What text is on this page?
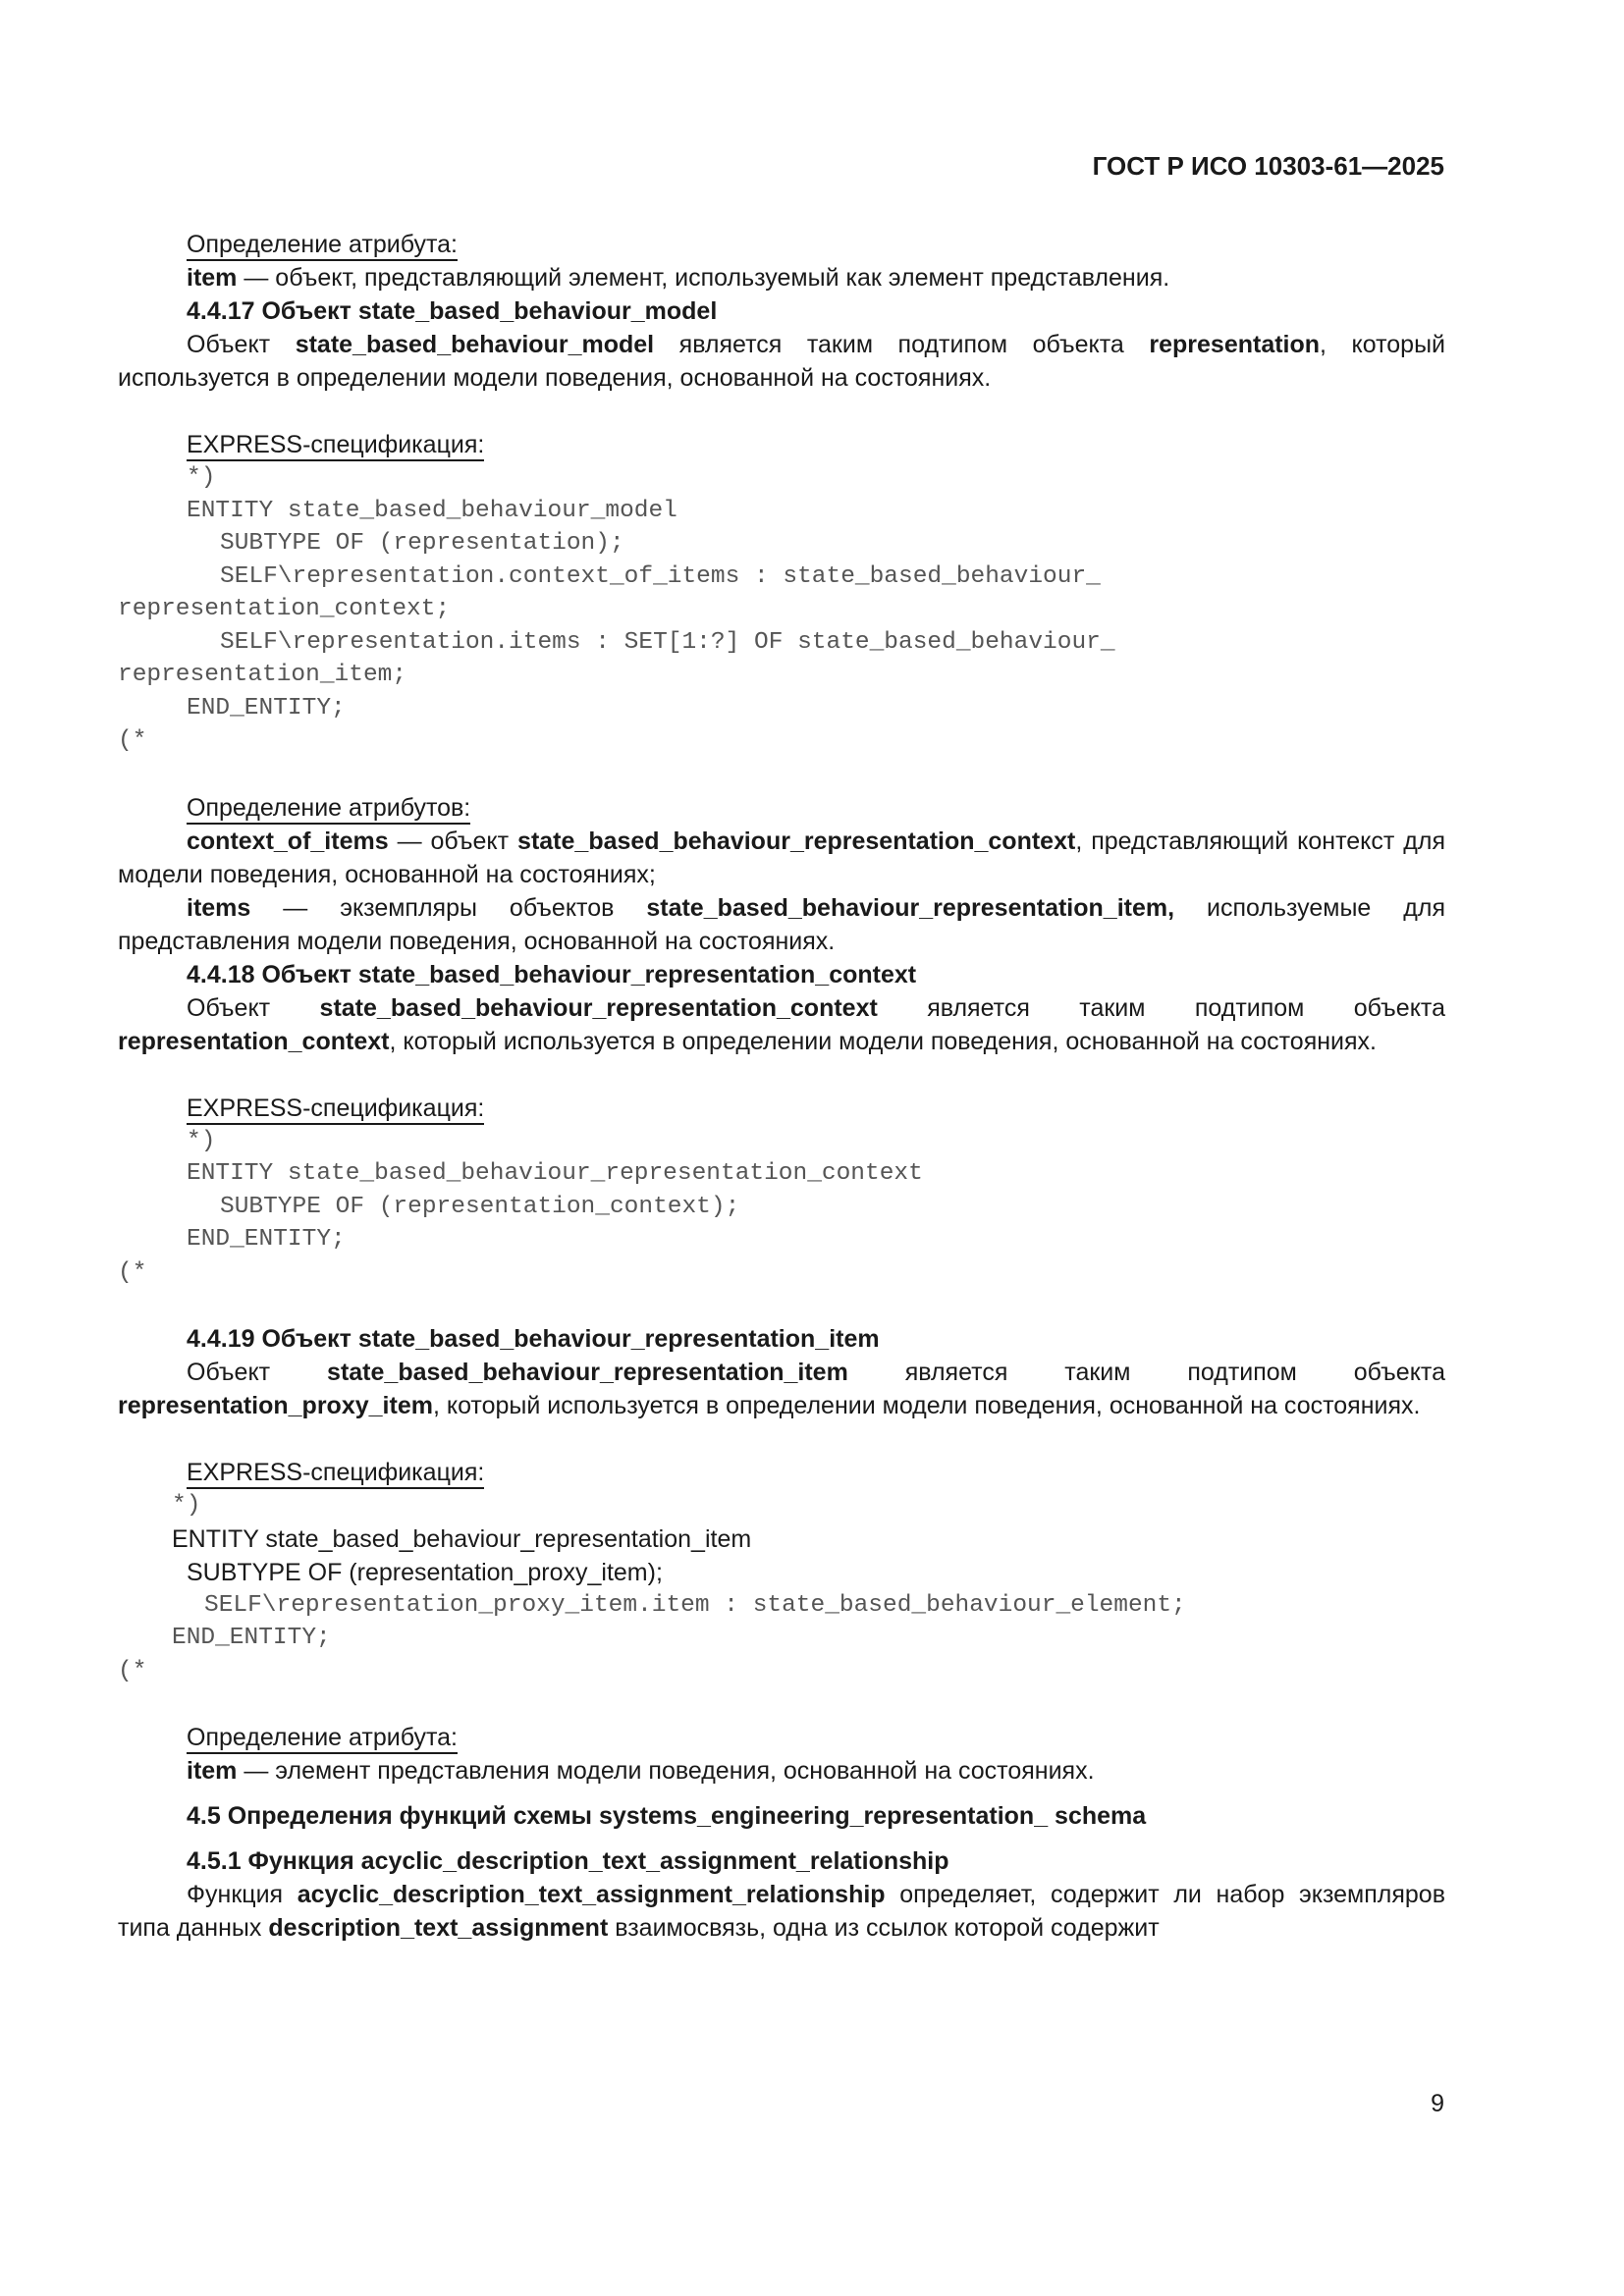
ГОСТ Р ИСО 10303-61—2025
Определение атрибута:

item — объект, представляющий элемент, используемый как элемент представления.

4.4.17 Объект state_based_behaviour_model

Объект state_based_behaviour_model является таким подтипом объекта representation, который используется в определении модели поведения, основанной на состояниях.

EXPRESS-спецификация:
*)
ENTITY state_based_behaviour_model
SUBTYPE OF (representation);
SELF\representation.context_of_items : state_based_behaviour_
representation_context;
SELF\representation.items : SET[1:?] OF state_based_behaviour_
representation_item;
END_ENTITY;
(*
Определение атрибутов:

context_of_items — объект state_based_behaviour_representation_context, представляющий контекст для модели поведения, основанной на состояниях;

items — экземпляры объектов state_based_behaviour_representation_item, используемые для представления модели поведения, основанной на состояниях.

4.4.18 Объект state_based_behaviour_representation_context

Объект state_based_behaviour_representation_context является таким подтипом объекта representation_context, который используется в определении модели поведения, основанной на состояниях.

EXPRESS-спецификация:
*)
ENTITY state_based_behaviour_representation_context
SUBTYPE OF (representation_context);
END_ENTITY;
(*

4.4.19 Объект state_based_behaviour_representation_item

Объект state_based_behaviour_representation_item является таким подтипом объекта representation_proxy_item, который используется в определении модели поведения, основанной на состояниях.

EXPRESS-спецификация:
*)
ENTITY state_based_behaviour_representation_item
SUBTYPE OF (representation_proxy_item);
SELF\representation_proxy_item.item : state_based_behaviour_element;
END_ENTITY;
(*
Определение атрибута:

item — элемент представления модели поведения, основанной на состояниях.

4.5 Определения функций схемы systems_engineering_representation_ schema

4.5.1 Функция acyclic_description_text_assignment_relationship

Функция acyclic_description_text_assignment_relationship определяет, содержит ли набор экземпляров типа данных description_text_assignment взаимосвязь, одна из ссылок которой содержит

9
